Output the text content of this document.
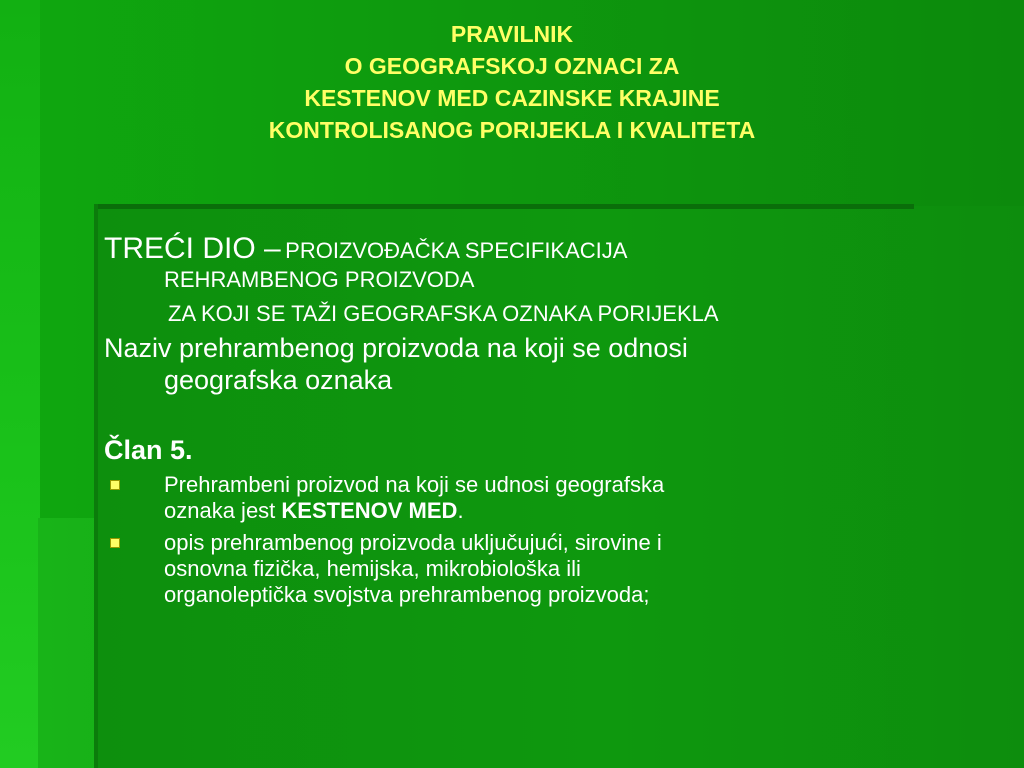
PRAVILNIK
O GEOGRAFSKOJ OZNACI ZA
KESTENOV MED CAZINSKE KRAJINE
KONTROLISANOG PORIJEKLA I KVALITETA
TREĆI DIO – PROIZVOĐAČKA SPECIFIKACIJA
REHRAMBENOG PROIZVODA
ZA KOJI SE TAŽI GEOGRAFSKA OZNAKA PORIJEKLA
Naziv prehrambenog proizvoda na koji se odnosi
geografska oznaka
Član 5.
Prehrambeni proizvod na koji se udnosi geografska
oznaka jest KESTENOV MED.
opis prehrambenog proizvoda uključujući, sirovine i
osnovna fizička, hemijska, mikrobiološka ili
organoleptička svojstva prehrambenog proizvoda;
